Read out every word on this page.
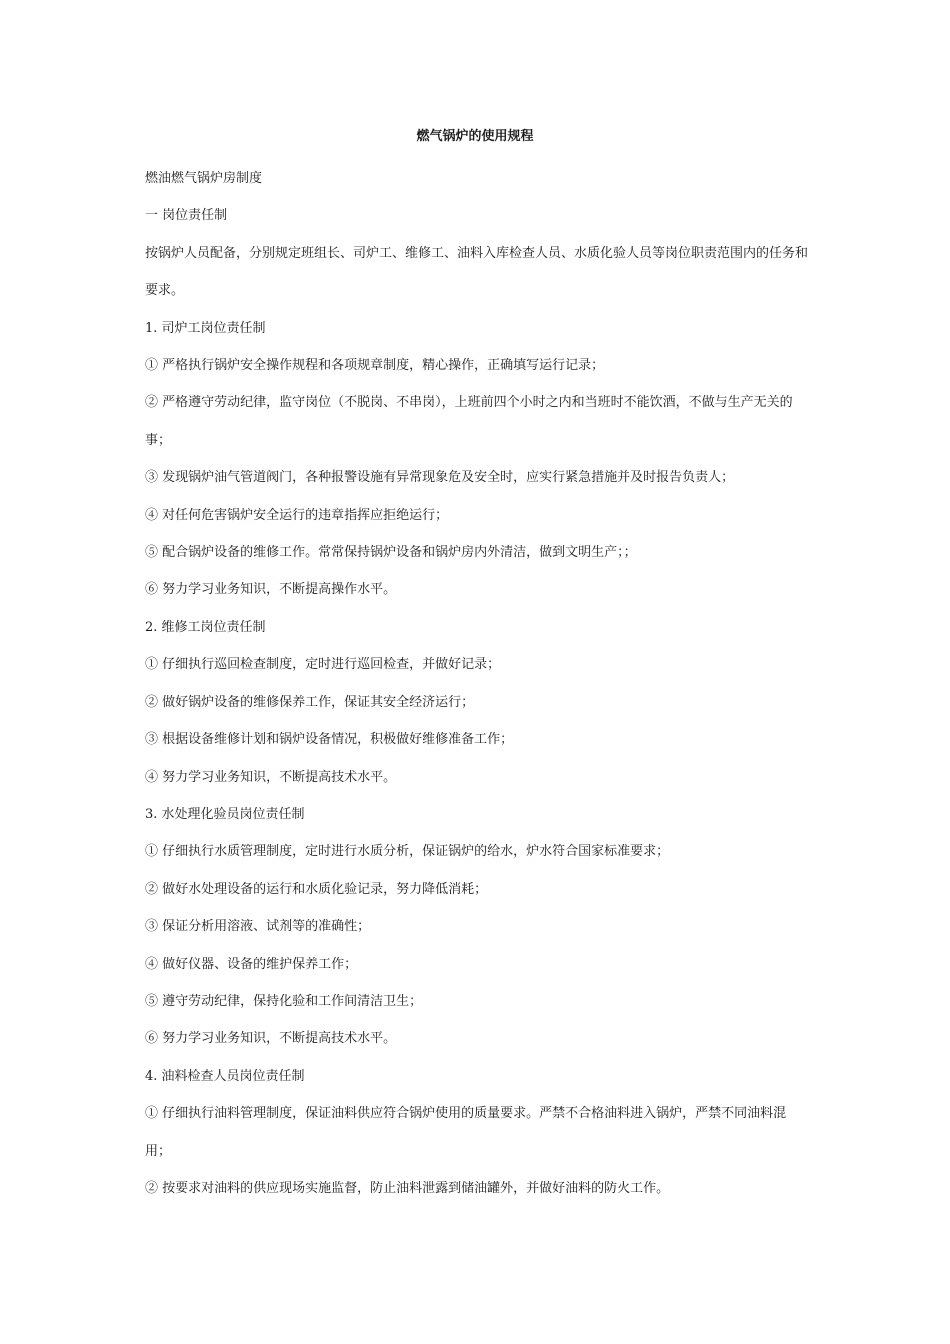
燃气锅炉的使用规程

燃油燃气锅炉房制度

一 岗位责任制

按锅炉人员配备，分别规定班组长、司炉工、维修工、油料入库检查人员、水质化验人员等岗位职责范围内的任务和要求。

1. 司炉工岗位责任制

① 严格执行锅炉安全操作规程和各项规章制度，精心操作，正确填写运行记录；

② 严格遵守劳动纪律，监守岗位（不脱岗、不串岗），上班前四个小时之内和当班时不能饮酒，不做与生产无关的事；

③ 发现锅炉油气管道阀门，各种报警设施有异常现象危及安全时，应实行紧急措施并及时报告负责人；

④ 对任何危害锅炉安全运行的违章指挥应拒绝运行；

⑤ 配合锅炉设备的维修工作。常常保持锅炉设备和锅炉房内外清洁，做到文明生产；；

⑥ 努力学习业务知识，不断提高操作水平。

2. 维修工岗位责任制

① 仔细执行巡回检查制度，定时进行巡回检查，并做好记录；

② 做好锅炉设备的维修保养工作，保证其安全经济运行；

③ 根据设备维修计划和锅炉设备情况，积极做好维修准备工作；

④ 努力学习业务知识，不断提高技术水平。

3. 水处理化验员岗位责任制

① 仔细执行水质管理制度，定时进行水质分析，保证锅炉的给水，炉水符合国家标准要求；

② 做好水处理设备的运行和水质化验记录，努力降低消耗；

③ 保证分析用溶液、试剂等的准确性；

④ 做好仪器、设备的维护保养工作；

⑤ 遵守劳动纪律，保持化验和工作间清洁卫生；

⑥ 努力学习业务知识，不断提高技术水平。

4. 油料检查人员岗位责任制

① 仔细执行油料管理制度，保证油料供应符合锅炉使用的质量要求。严禁不合格油料进入锅炉，严禁不同油料混用；

② 按要求对油料的供应现场实施监督，防止油料泄露到储油罐外，并做好油料的防火工作。
